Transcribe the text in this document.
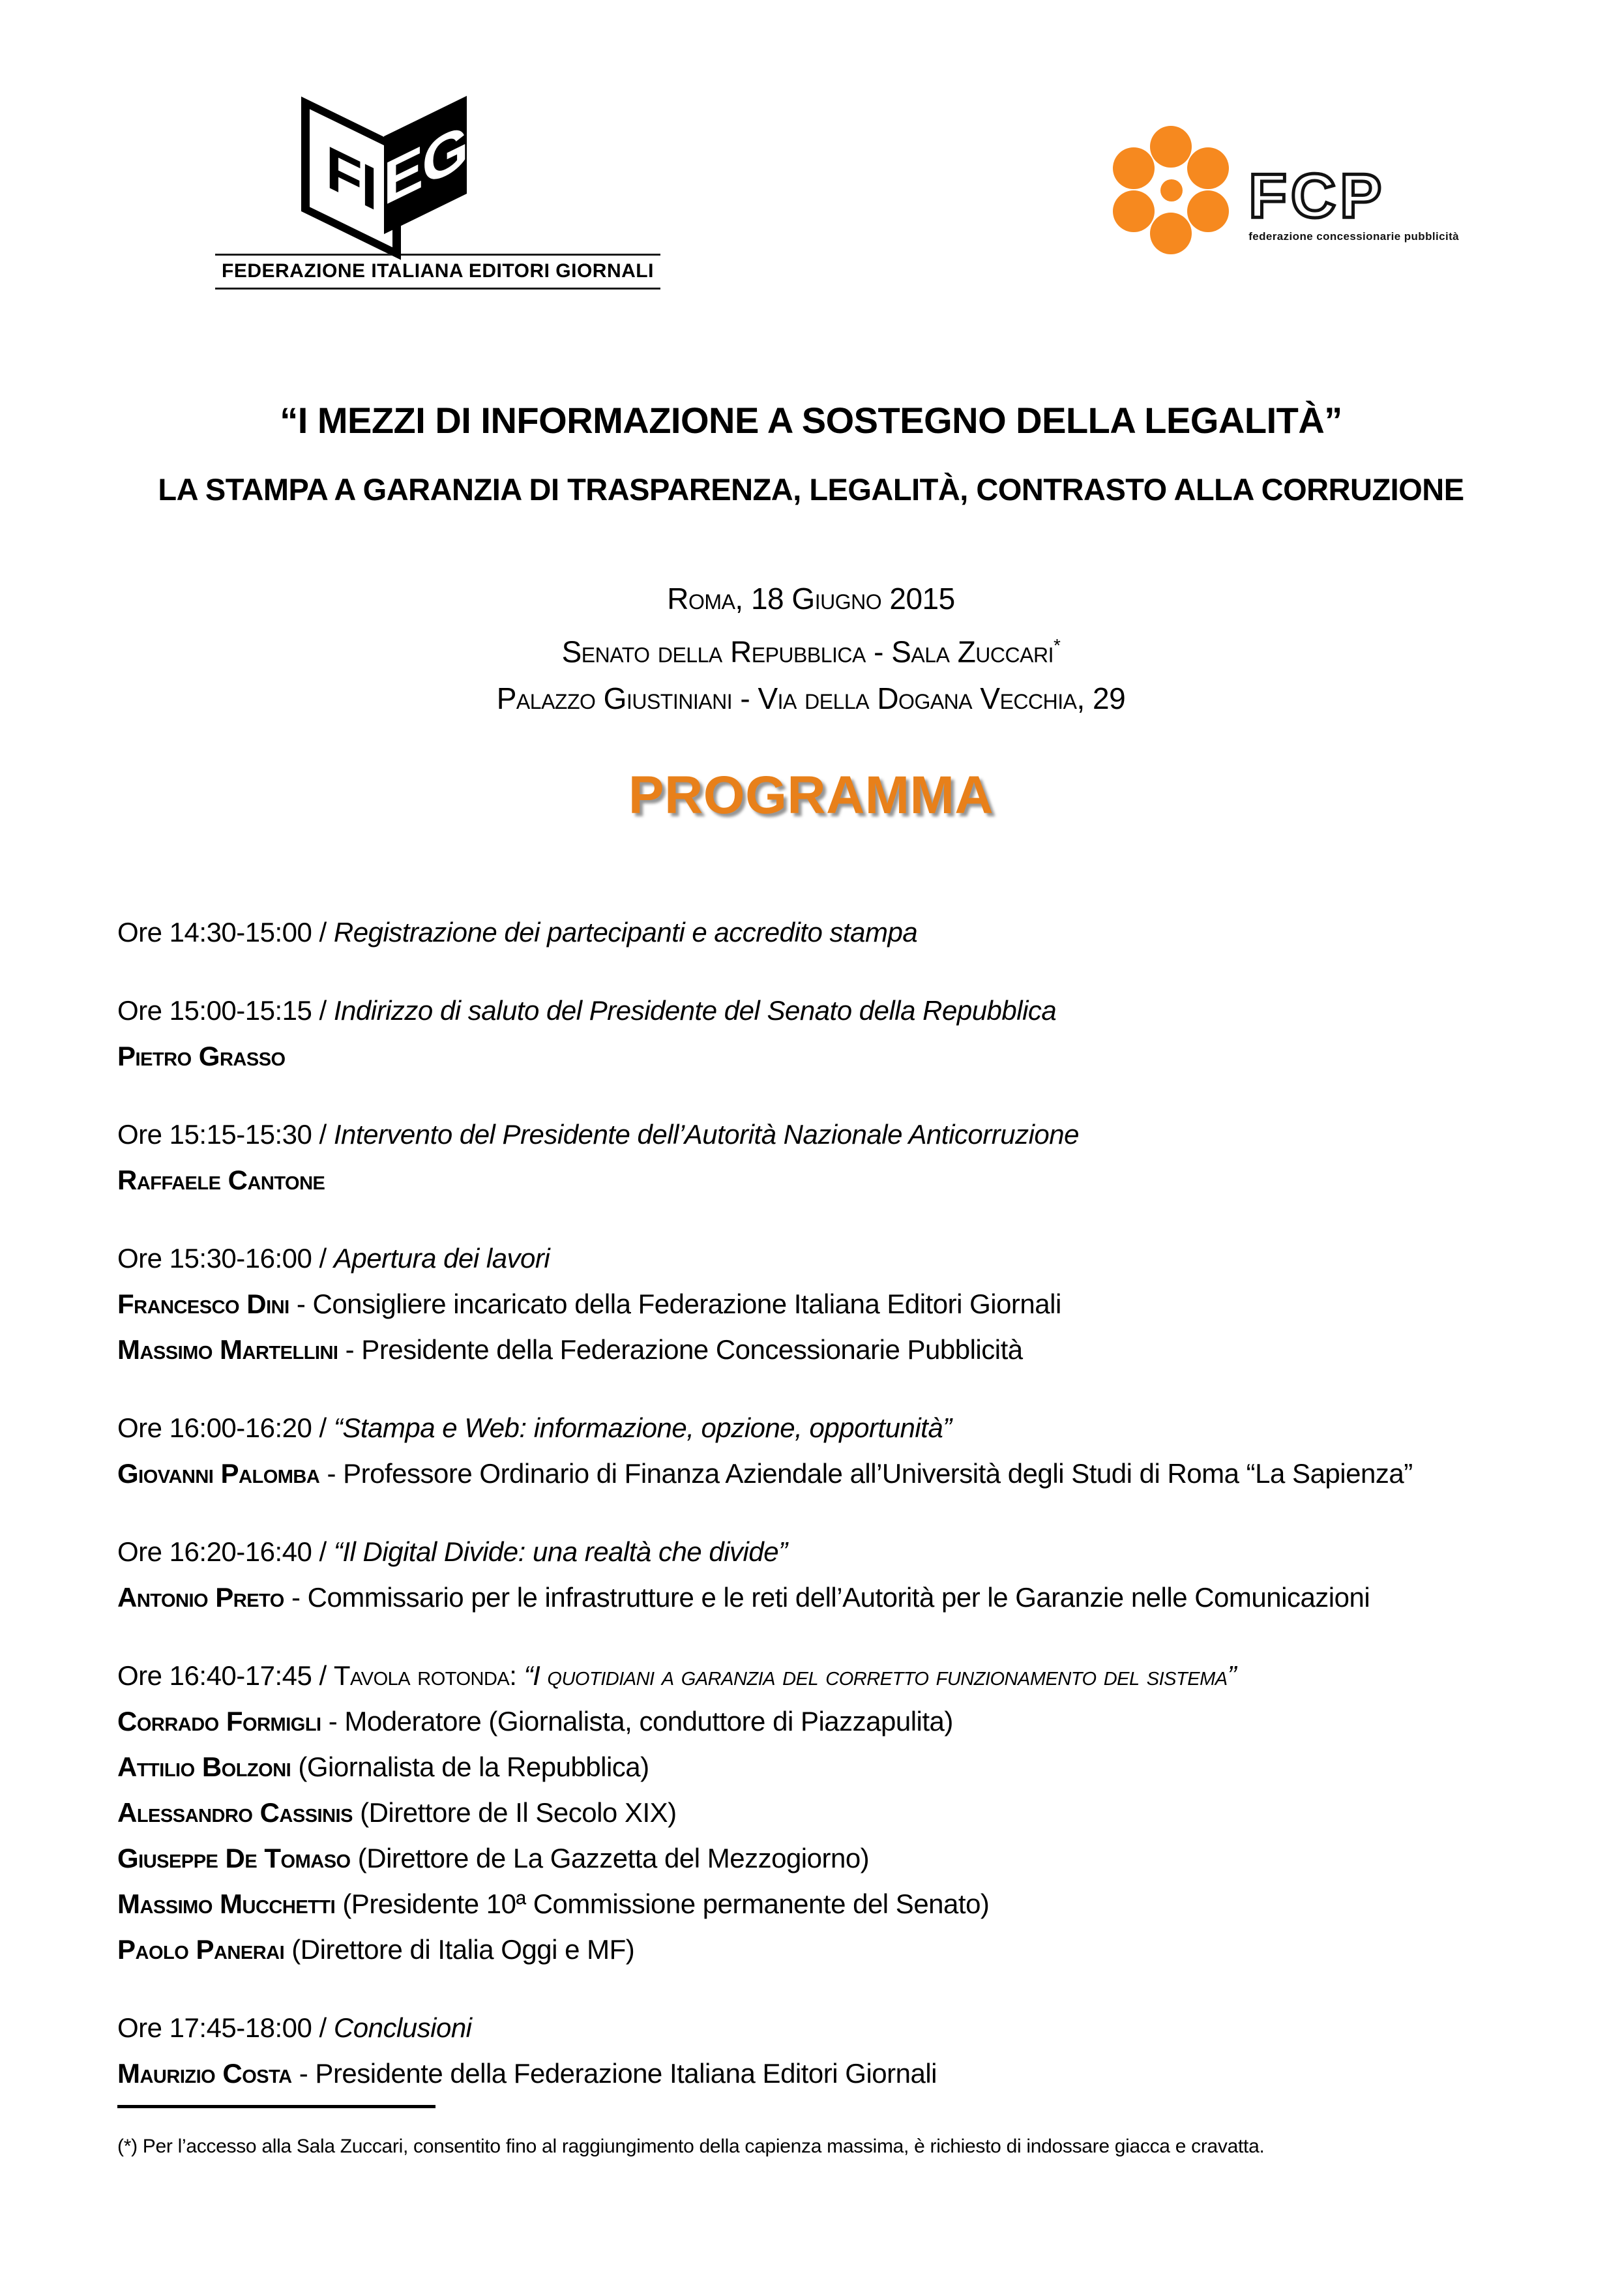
FI EG
FEDERAZIONE ITALIANA EDITORI GIORNALI
FCP
federazione concessionarie pubblicità
“I MEZZI DI INFORMAZIONE A SOSTEGNO DELLA LEGALITÀ”
LA STAMPA A GARANZIA DI TRASPARENZA, LEGALITÀ, CONTRASTO ALLA CORRUZIONE
Roma, 18 Giugno 2015
Senato della Repubblica - Sala Zuccari*
Palazzo Giustiniani - Via della Dogana Vecchia, 29
PROGRAMMA
Ore 14:30-15:00 / Registrazione dei partecipanti e accredito stampa
Ore 15:00-15:15 / Indirizzo di saluto del Presidente del Senato della Repubblica
Pietro Grasso
Ore 15:15-15:30 / Intervento del Presidente dell’Autorità Nazionale Anticorruzione
Raffaele Cantone
Ore 15:30-16:00 / Apertura dei lavori
Francesco Dini - Consigliere incaricato della Federazione Italiana Editori Giornali
Massimo Martellini - Presidente della Federazione Concessionarie Pubblicità
Ore 16:00-16:20 / “Stampa e Web: informazione, opzione, opportunità”
Giovanni Palomba - Professore Ordinario di Finanza Aziendale all’Università degli Studi di Roma “La Sapienza”
Ore 16:20-16:40 / “Il Digital Divide: una realtà che divide”
Antonio Preto - Commissario per le infrastrutture e le reti dell’Autorità per le Garanzie nelle Comunicazioni
Ore 16:40-17:45 / Tavola rotonda: “I quotidiani a garanzia del corretto funzionamento del sistema”
Corrado Formigli - Moderatore (Giornalista, conduttore di Piazzapulita)
Attilio Bolzoni (Giornalista de la Repubblica)
Alessandro Cassinis (Direttore de Il Secolo XIX)
Giuseppe De Tomaso (Direttore de La Gazzetta del Mezzogiorno)
Massimo Mucchetti (Presidente 10ª Commissione permanente del Senato)
Paolo Panerai (Direttore di Italia Oggi e MF)
Ore 17:45-18:00 / Conclusioni
Maurizio Costa - Presidente della Federazione Italiana Editori Giornali
(*) Per l’accesso alla Sala Zuccari, consentito fino al raggiungimento della capienza massima, è richiesto di indossare giacca e cravatta.
